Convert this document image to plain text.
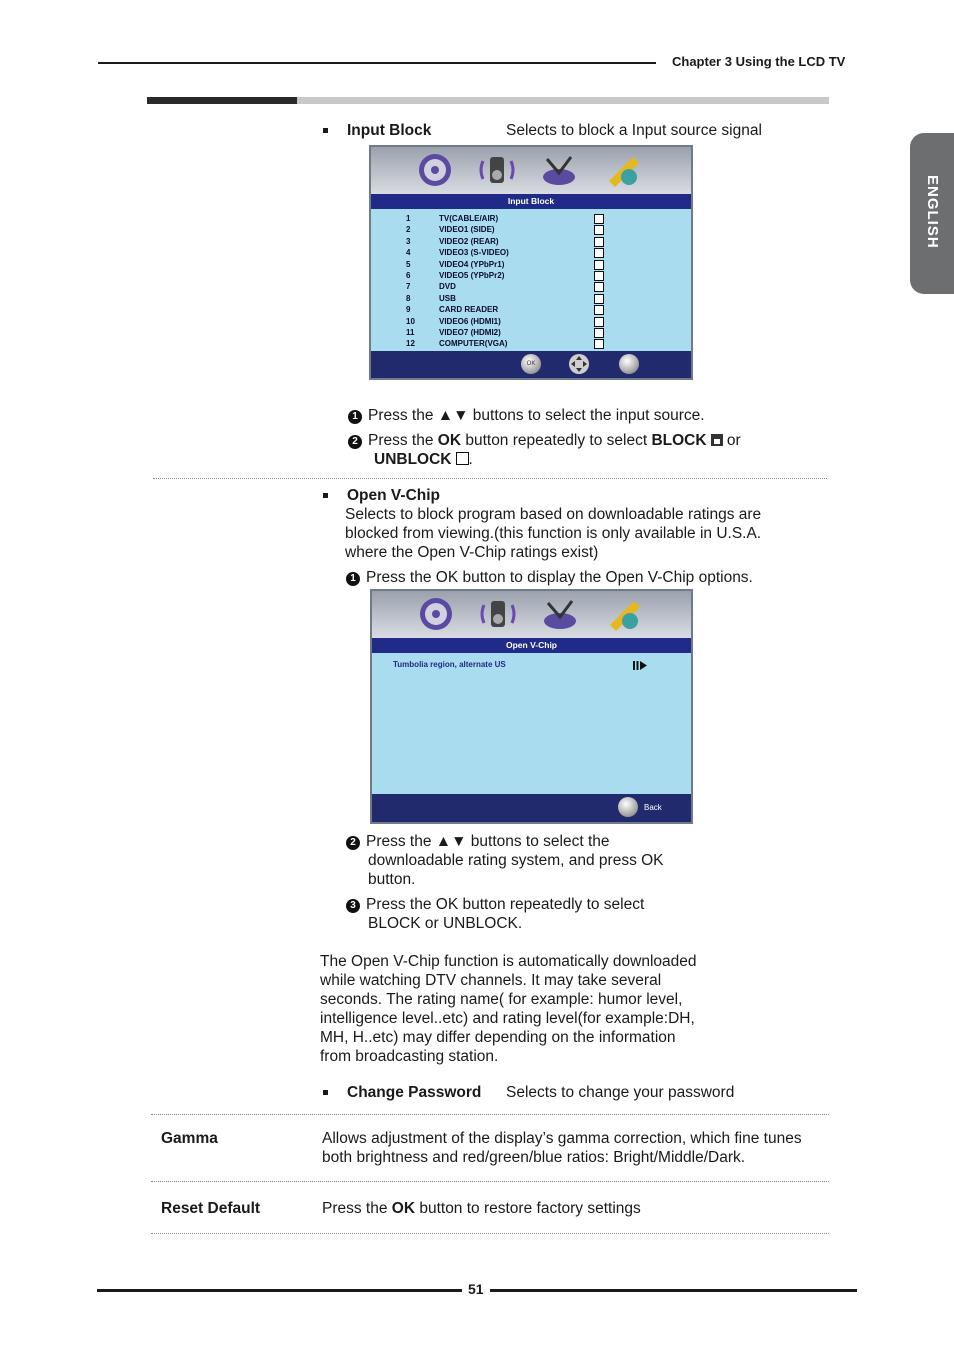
Chapter 3 Using the LCD TV
ENGLISH
Input Block	Selects to block a Input source signal
Input Block
1	TV(CABLE/AIR)
2	VIDEO1 (SIDE)
3	VIDEO2 (REAR)
4	VIDEO3 (S-VIDEO)
5	VIDEO4 (YPbPr1)
6	VIDEO5 (YPbPr2)
7	DVD
8	USB
9	CARD READER
10	VIDEO6 (HDMI1)
11	VIDEO7 (HDMI2)
12	COMPUTER(VGA)
OK
1 Press the ▲▼ buttons to select the input source.
2 Press the OK button repeatedly to select BLOCK or
UNBLOCK .
Open V-Chip
Selects to block program based on downloadable ratings are
blocked from viewing.(this function is only available in U.S.A.
where the Open V-Chip ratings exist)
1 Press the OK button to display the Open V-Chip options.
Open V-Chip
Tumbolia region, alternate US
Back
2 Press the ▲▼ buttons to select the
downloadable rating system, and press OK
button.
3 Press the OK button repeatedly to select
BLOCK or UNBLOCK.
The Open V-Chip function is automatically downloaded
while watching DTV channels. It may take several
seconds. The rating name( for example: humor level,
intelligence level..etc) and rating level(for example:DH,
MH, H..etc) may differ depending on the information
from broadcasting station.
Change Password Selects to change your password
Gamma	Allows adjustment of the display’s gamma correction, which fine tunes
both brightness and red/green/blue ratios: Bright/Middle/Dark.
Reset Default	Press the OK button to restore factory settings
51
